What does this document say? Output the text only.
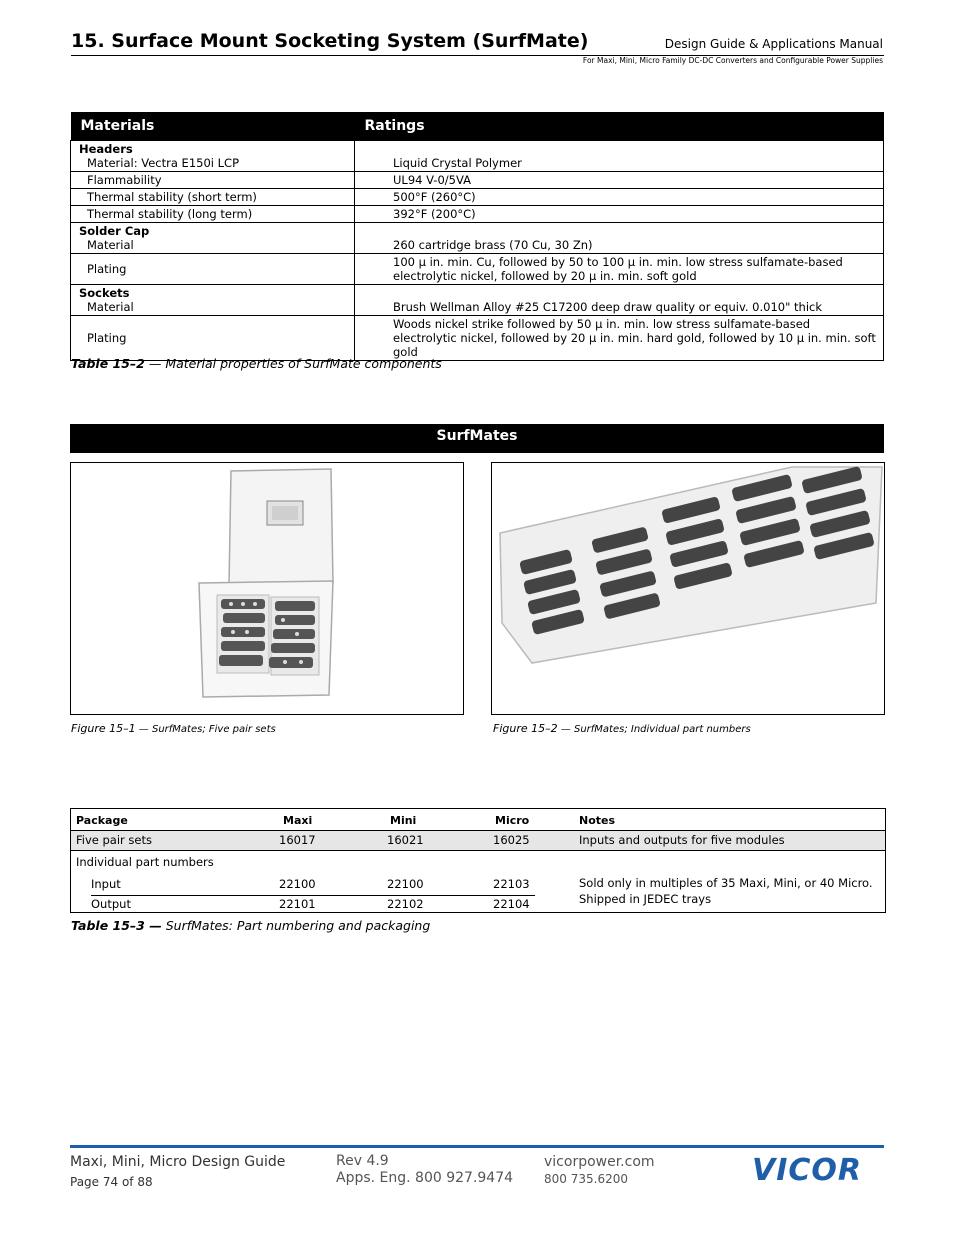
15. Surface Mount Socketing System (SurfMate)	Design Guide & Applications Manual
For Maxi, Mini, Micro Family DC-DC Converters and Configurable Power Supplies
Materials	Ratings

Headers
Material: Vectra E150i LCP	Liquid Crystal Polymer

Flammability	UL94 V-0/5VA

Thermal stability (short term)	500°F (260°C)

Thermal stability (long term)	392°F (200°C)

Solder Cap
Material	260 cartridge brass (70 Cu, 30 Zn)

Plating	100 µ in. min. Cu, followed by 50 to 100 µ in. min. low stress sulfamate-based electrolytic nickel, followed by 20 µ in. min. soft gold

Sockets
Material	Brush Wellman Alloy #25 C17200 deep draw quality or equiv. 0.010" thick

Plating	Woods nickel strike followed by 50 µ in. min. low stress sulfamate-based electrolytic nickel, followed by 20 µ in. min. hard gold, followed by 10 µ in. min. soft gold
Table 15–2 — Material properties of SurfMate components
SurfMates
Figure 15–1 — SurfMates; Five pair sets	Figure 15–2 — SurfMates; Individual part numbers
Package	Maxi	Mini	Micro	Notes
Five pair sets	16017	16021	16025	Inputs and outputs for five modules
Individual part numbers
Input	22100	22100	22103
Output	22101	22102	22104
Sold only in multiples of 35 Maxi, Mini, or 40 Micro.
Shipped in JEDEC trays
Table 15–3 — SurfMates: Part numbering and packaging
Maxi, Mini, Micro Design Guide
Page 74 of 88
Rev 4.9
Apps. Eng. 800 927.9474
vicorpower.com
800 735.6200	VICOR
